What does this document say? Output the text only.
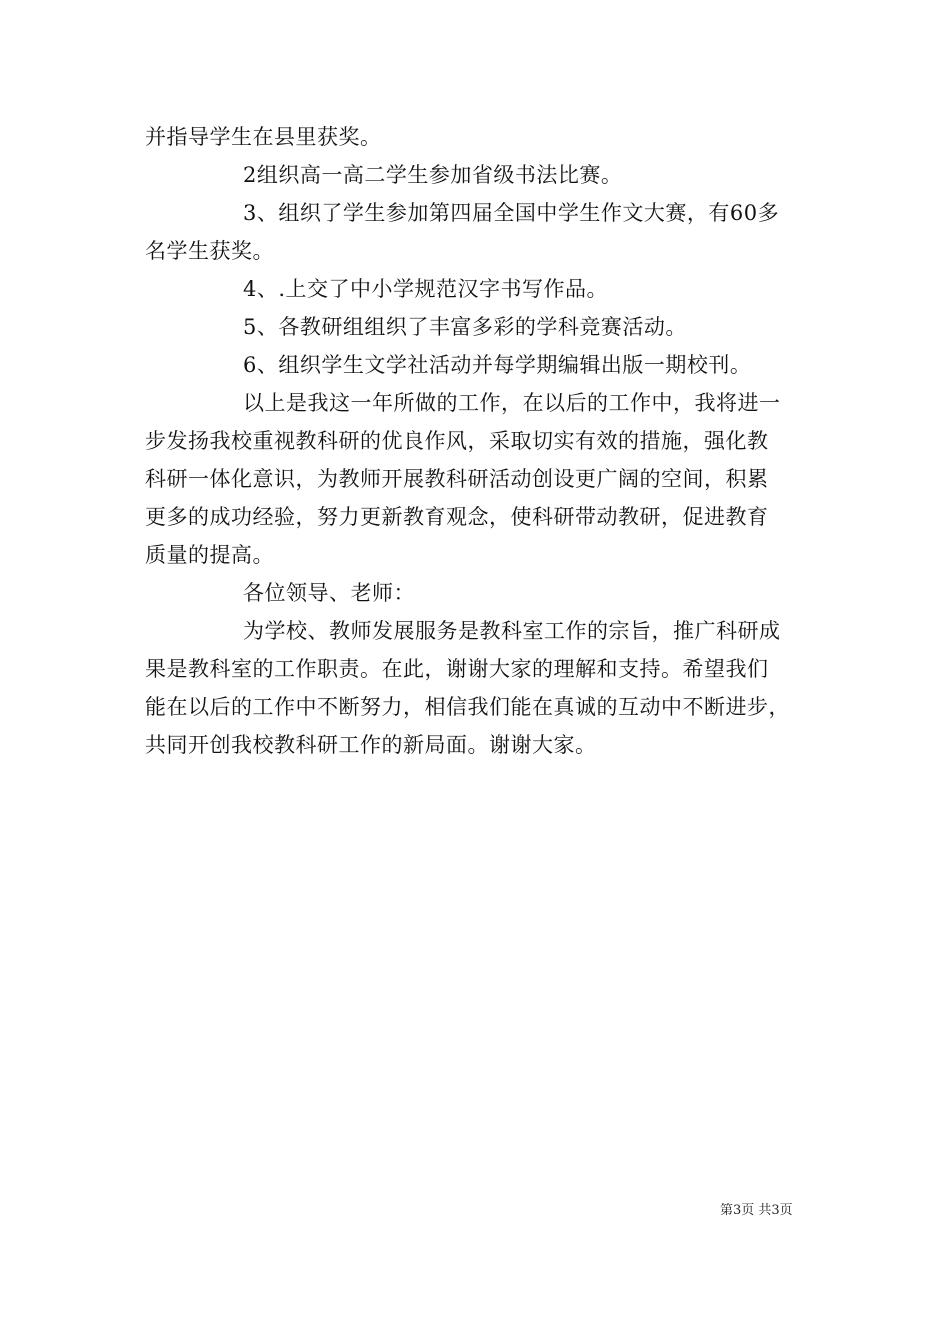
并指导学生在县里获奖。
2组织高一高二学生参加省级书法比赛。
3、组织了学生参加第四届全国中学生作文大赛，有60多
名学生获奖。
4、.上交了中小学规范汉字书写作品。
5、各教研组组织了丰富多彩的学科竞赛活动。
6、组织学生文学社活动并每学期编辑出版一期校刊。
以上是我这一年所做的工作，在以后的工作中，我将进一
步发扬我校重视教科研的优良作风，采取切实有效的措施，强化教
科研一体化意识，为教师开展教科研活动创设更广阔的空间，积累
更多的成功经验，努力更新教育观念，使科研带动教研，促进教育
质量的提高。
各位领导、老师：
为学校、教师发展服务是教科室工作的宗旨，推广科研成
果是教科室的工作职责。在此，谢谢大家的理解和支持。希望我们
能在以后的工作中不断努力，相信我们能在真诚的互动中不断进步，
共同开创我校教科研工作的新局面。谢谢大家。
第3页 共3页
